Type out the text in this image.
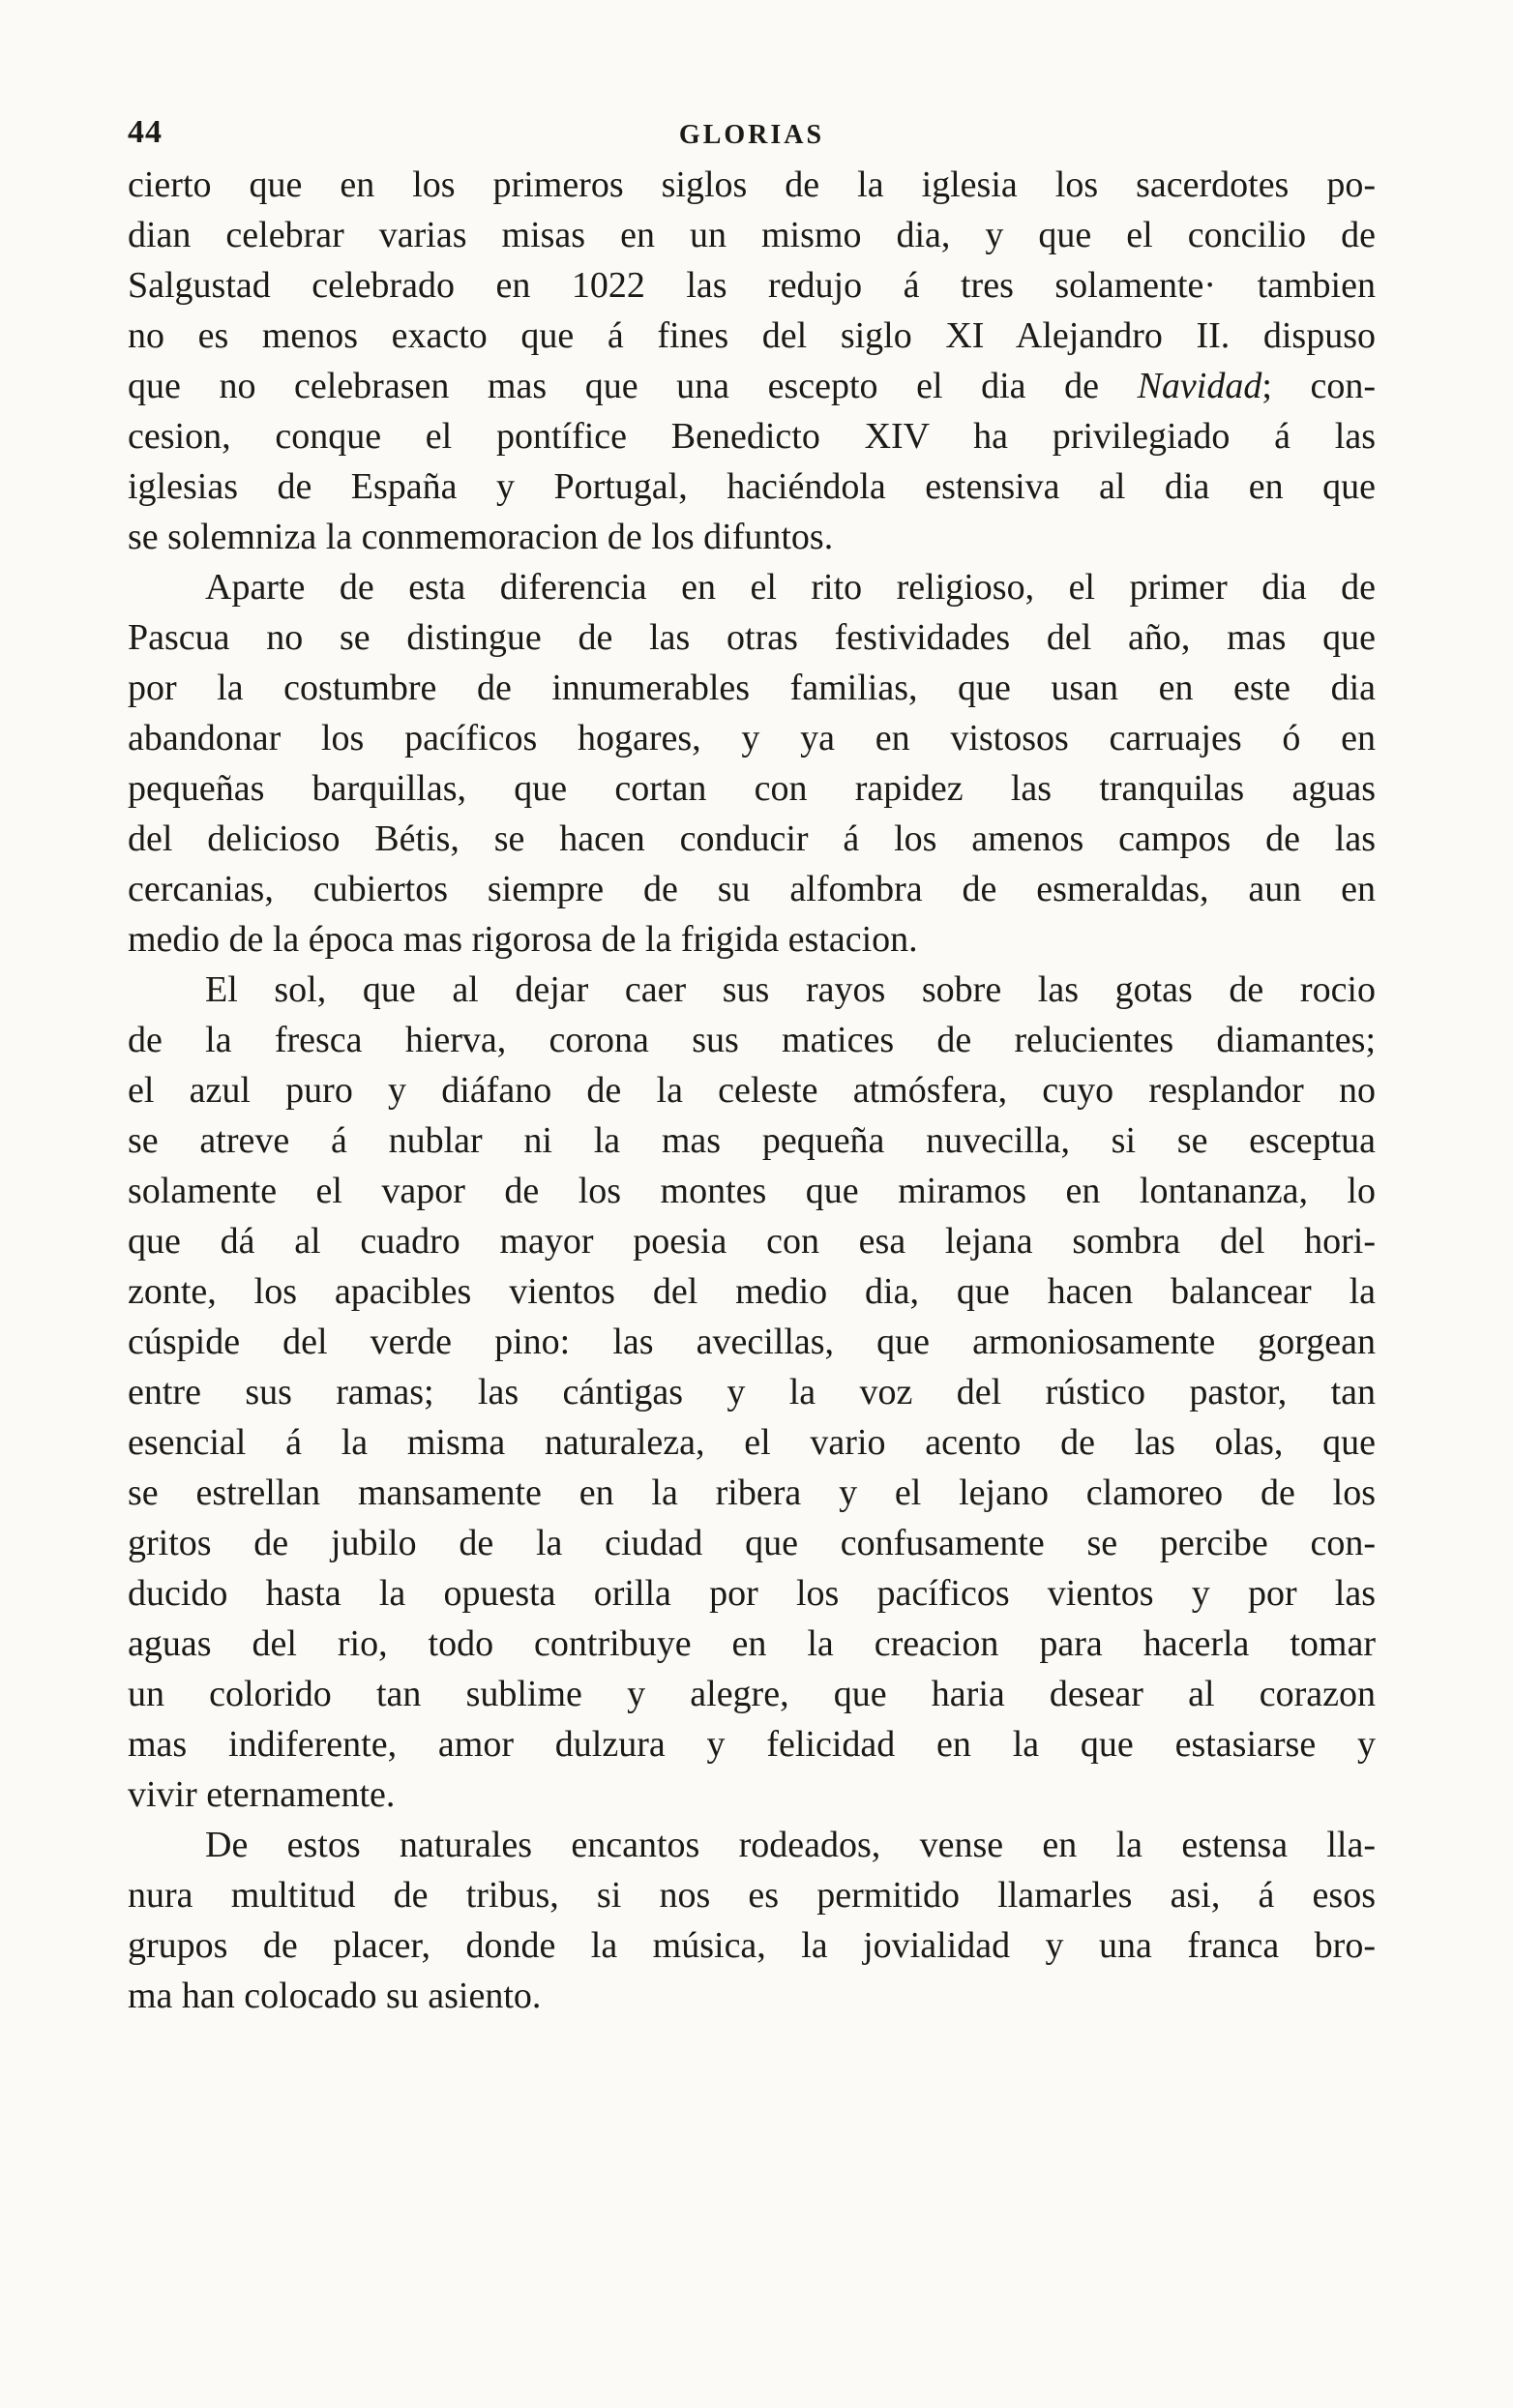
44	GLORIAS
cierto que en los primeros siglos de la iglesia los sacerdotes po-
dian celebrar varias misas en un mismo dia, y que el concilio de
Salgustad celebrado en 1022 las redujo á tres solamente· tambien
no es menos exacto que á fines del siglo XI Alejandro II. dispuso
que no celebrasen mas que una escepto el dia de Navidad; con-
cesion, conque el pontífice Benedicto XIV ha privilegiado á las
iglesias de España y Portugal, haciéndola estensiva al dia en que
se solemniza la conmemoracion de los difuntos.
Aparte de esta diferencia en el rito religioso, el primer dia de
Pascua no se distingue de las otras festividades del año, mas que
por la costumbre de innumerables familias, que usan en este dia
abandonar los pacíficos hogares, y ya en vistosos carruajes ó en
pequeñas barquillas, que cortan con rapidez las tranquilas aguas
del delicioso Bétis, se hacen conducir á los amenos campos de las
cercanias, cubiertos siempre de su alfombra de esmeraldas, aun en
medio de la época mas rigorosa de la frigida estacion.
El sol, que al dejar caer sus rayos sobre las gotas de rocio
de la fresca hierva, corona sus matices de relucientes diamantes;
el azul puro y diáfano de la celeste atmósfera, cuyo resplandor no
se atreve á nublar ni la mas pequeña nuvecilla, si se esceptua
solamente el vapor de los montes que miramos en lontananza, lo
que dá al cuadro mayor poesia con esa lejana sombra del hori-
zonte, los apacibles vientos del medio dia, que hacen balancear la
cúspide del verde pino: las avecillas, que armoniosamente gorgean
entre sus ramas; las cántigas y la voz del rústico pastor, tan
esencial á la misma naturaleza, el vario acento de las olas, que
se estrellan mansamente en la ribera y el lejano clamoreo de los
gritos de jubilo de la ciudad que confusamente se percibe con-
ducido hasta la opuesta orilla por los pacíficos vientos y por las
aguas del rio, todo contribuye en la creacion para hacerla tomar
un colorido tan sublime y alegre, que haria desear al corazon
mas indiferente, amor dulzura y felicidad en la que estasiarse y
vivir eternamente.
De estos naturales encantos rodeados, vense en la estensa lla-
nura multitud de tribus, si nos es permitido llamarles asi, á esos
grupos de placer, donde la música, la jovialidad y una franca bro-
ma han colocado su asiento.
